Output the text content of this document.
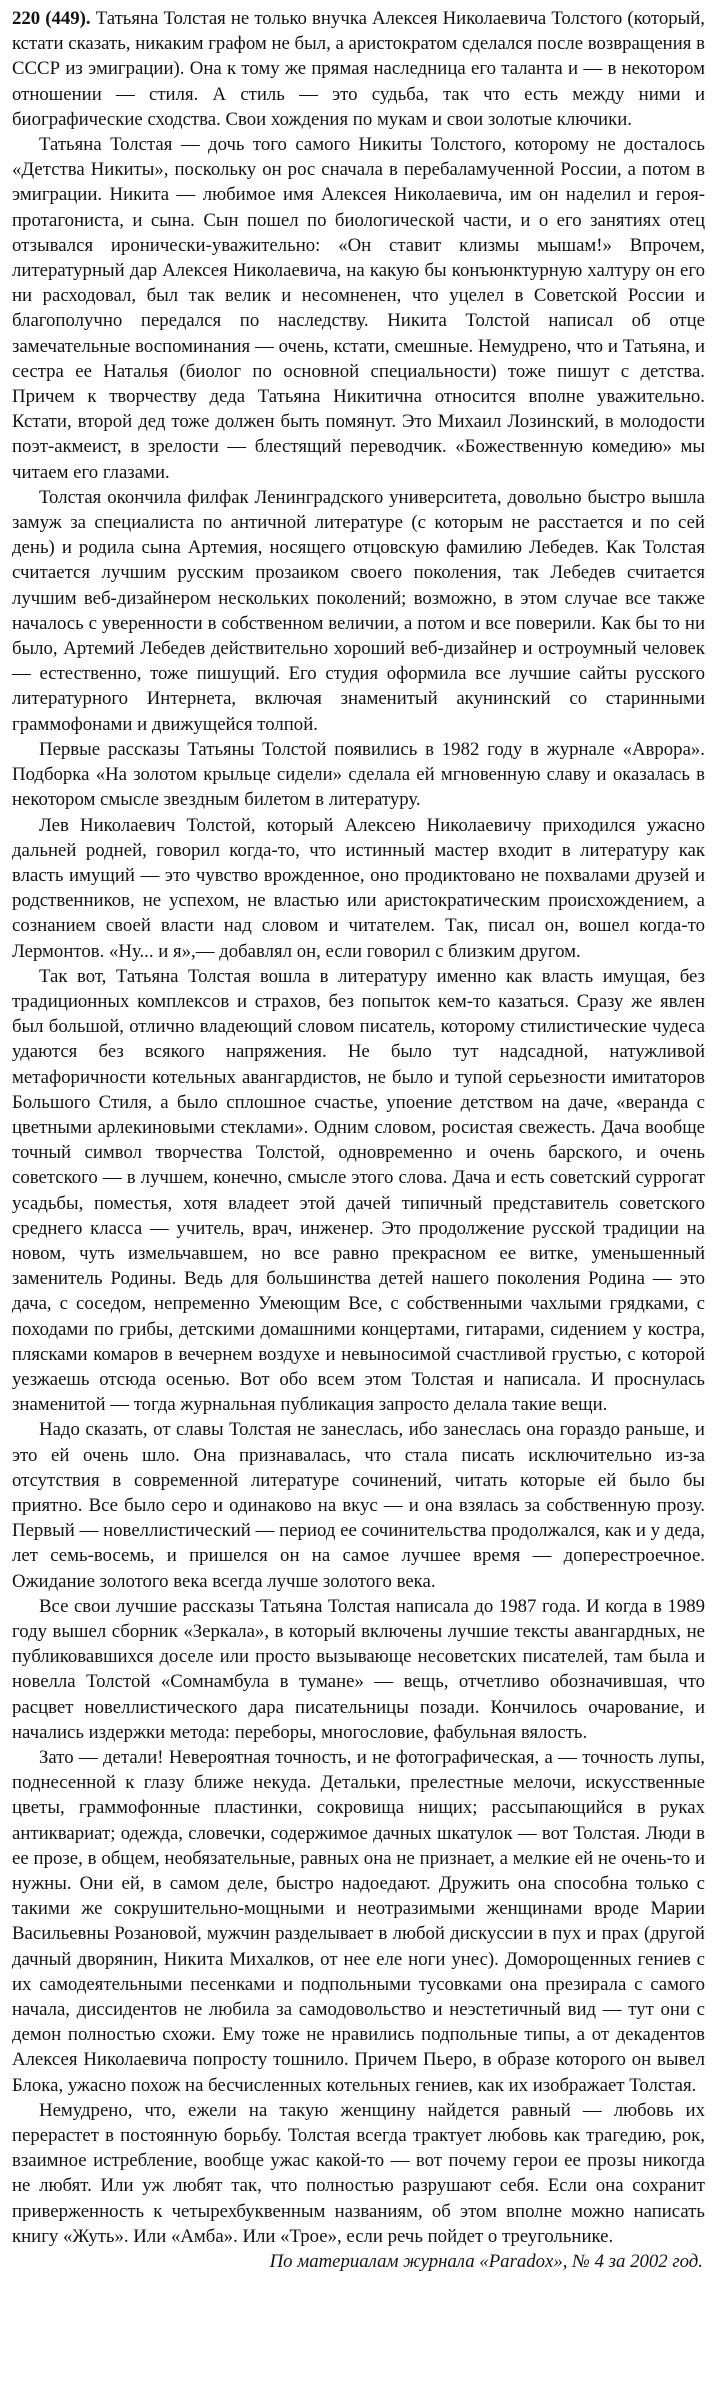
220 (449). Татьяна Толстая не только внучка Алексея Николаевича Толстого (который, кстати сказать, никаким графом не был, а аристократом сделался после возвращения в СССР из эмиграции). Она к тому же прямая наследница его таланта и — в некотором отношении — стиля. А стиль — это судьба, так что есть между ними и биографические сходства. Свои хождения по мукам и свои золотые ключики.

Татьяна Толстая — дочь того самого Никиты Толстого, которому не досталось «Детства Никиты», поскольку он рос сначала в перебаламученной России, а потом в эмиграции. Никита — любимое имя Алексея Николаевича, им он наделил и героя-протагониста, и сына. Сын пошел по биологической части, и о его занятиях отец отзывался иронически-уважительно: «Он ставит клизмы мышам!» Впрочем, литературный дар Алексея Николаевича, на какую бы конъюнктурную халтуру он его ни расходовал, был так велик и несомненен, что уцелел в Советской России и благополучно передался по наследству. Никита Толстой написал об отце замечательные воспоминания — очень, кстати, смешные. Немудрено, что и Татьяна, и сестра ее Наталья (биолог по основной специальности) тоже пишут с детства. Причем к творчеству деда Татьяна Никитична относится вполне уважительно. Кстати, второй дед тоже должен быть помянут. Это Михаил Лозинский, в молодости поэт-акмеист, в зрелости — блестящий переводчик. «Божественную комедию» мы читаем его глазами.

Толстая окончила филфак Ленинградского университета, довольно быстро вышла замуж за специалиста по античной литературе (с которым не расстается и по сей день) и родила сына Артемия, носящего отцовскую фамилию Лебедев. Как Толстая считается лучшим русским прозаиком своего поколения, так Лебедев считается лучшим веб-дизайнером нескольких поколений; возможно, в этом случае все также началось с уверенности в собственном величии, а потом и все поверили. Как бы то ни было, Артемий Лебедев действительно хороший веб-дизайнер и остроумный человек — естественно, тоже пишущий. Его студия оформила все лучшие сайты русского литературного Интернета, включая знаменитый акунинский со старинными граммофонами и движущейся толпой.

Первые рассказы Татьяны Толстой появились в 1982 году в журнале «Аврора». Подборка «На золотом крыльце сидели» сделала ей мгновенную славу и оказалась в некотором смысле звездным билетом в литературу.

Лев Николаевич Толстой, который Алексею Николаевичу приходился ужасно дальней родней, говорил когда-то, что истинный мастер входит в литературу как власть имущий — это чувство врожденное, оно продиктовано не похвалами друзей и родственников, не успехом, не властью или аристократическим происхождением, а сознанием своей власти над словом и читателем. Так, писал он, вошел когда-то Лермонтов. «Ну... и я»,— добавлял он, если говорил с близким другом.

Так вот, Татьяна Толстая вошла в литературу именно как власть имущая, без традиционных комплексов и страхов, без попыток кем-то казаться. Сразу же явлен был большой, отлично владеющий словом писатель, которому стилистические чудеса удаются без всякого напряжения. Не было тут надсадной, натужливой метафоричности котельных авангардистов, не было и тупой серьезности имитаторов Большого Стиля, а было сплошное счастье, упоение детством на даче, «веранда с цветными арлекиновыми стеклами». Одним словом, росистая свежесть. Дача вообще точный символ творчества Толстой, одновременно и очень барского, и очень советского — в лучшем, конечно, смысле этого слова. Дача и есть советский суррогат усадьбы, поместья, хотя владеет этой дачей типичный представитель советского среднего класса — учитель, врач, инженер. Это продолжение русской традиции на новом, чуть измельчавшем, но все равно прекрасном ее витке, уменьшенный заменитель Родины. Ведь для большинства детей нашего поколения Родина — это дача, с соседом, непременно Умеющим Все, с собственными чахлыми грядками, с походами по грибы, детскими домашними концертами, гитарами, сидением у костра, плясками комаров в вечернем воздухе и невыносимой счастливой грустью, с которой уезжаешь отсюда осенью. Вот обо всем этом Толстая и написала. И проснулась знаменитой — тогда журнальная публикация запросто делала такие вещи.

Надо сказать, от славы Толстая не занеслась, ибо занеслась она гораздо раньше, и это ей очень шло. Она признавалась, что стала писать исключительно из-за отсутствия в современной литературе сочинений, читать которые ей было бы приятно. Все было серо и одинаково на вкус — и она взялась за собственную прозу. Первый — новеллистический — период ее сочинительства продолжался, как и у деда, лет семь-восемь, и пришелся он на самое лучшее время — доперестроечное. Ожидание золотого века всегда лучше золотого века.

Все свои лучшие рассказы Татьяна Толстая написала до 1987 года. И когда в 1989 году вышел сборник «Зеркала», в который включены лучшие тексты авангардных, не публиковавшихся доселе или просто вызывающе несоветских писателей, там была и новелла Толстой «Сомнамбула в тумане» — вещь, отчетливо обозначившая, что расцвет новеллистического дара писательницы позади. Кончилось очарование, и начались издержки метода: переборы, многословие, фабульная вялость.

Зато — детали! Невероятная точность, и не фотографическая, а — точность лупы, поднесенной к глазу ближе некуда. Детальки, прелестные мелочи, искусственные цветы, граммофонные пластинки, сокровища нищих; рассыпающийся в руках антиквариат; одежда, словечки, содержимое дачных шкатулок — вот Толстая. Люди в ее прозе, в общем, необязательные, равных она не признает, а мелкие ей не очень-то и нужны. Они ей, в самом деле, быстро надоедают. Дружить она способна только с такими же сокрушительно-мощными и неотразимыми женщинами вроде Марии Васильевны Розановой, мужчин разделывает в любой дискуссии в пух и прах (другой дачный дворянин, Никита Михалков, от нее еле ноги унес). Доморощенных гениев с их самодеятельными песенками и подпольными тусовками она презирала с самого начала, диссидентов не любила за самодовольство и неэстетичный вид — тут они с демон полностью схожи. Ему тоже не нравились подпольные типы, а от декадентов Алексея Николаевича попросту тошнило. Причем Пьеро, в образе которого он вывел Блока, ужасно похож на бесчисленных котельных гениев, как их изображает Толстая.

Немудрено, что, ежели на такую женщину найдется равный — любовь их перерастет в постоянную борьбу. Толстая всегда трактует любовь как трагедию, рок, взаимное истребление, вообще ужас какой-то — вот почему герои ее прозы никогда не любят. Или уж любят так, что полностью разрушают себя. Если она сохранит приверженность к четырехбуквенным названиям, об этом вполне можно написать книгу «Жуть». Или «Амба». Или «Трое», если речь пойдет о треугольнике.

По материалам журнала «Paradox», № 4 за 2002 год.
